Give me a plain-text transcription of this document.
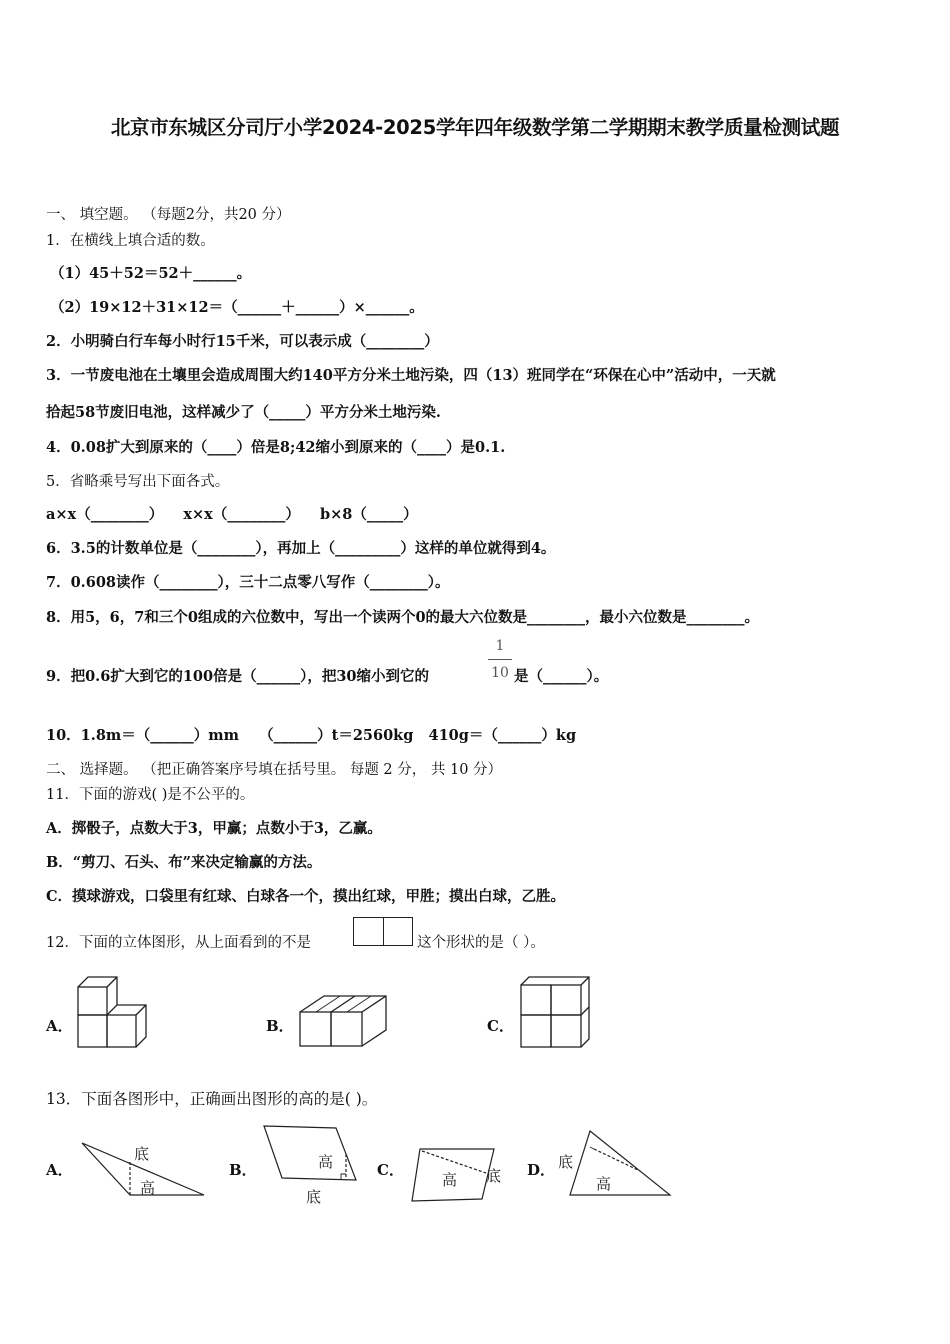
北京市东城区分司厅小学2024-2025学年四年级数学第二学期期末教学质量检测试题
一、 填空题。 （每题2分，共20 分）
1．在横线上填合适的数。
（1）45＋52＝52＋______。
（2）19×12＋31×12＝（______＋______）×______。
2．小明骑白行车每小时行15千米，可以表示成（________）
3．一节废电池在土壤里会造成周围大约140平方分米土地污染，四（13）班同学在“环保在心中”活动中，一天就
拾起58节废旧电池，这样减少了（_____）平方分米土地污染.
4．0.08扩大到原来的（____）倍是8;42缩小到原来的（____）是0.1.
5．省略乘号写出下面各式。
a×x（________）    x×x（________）    b×8（_____）
6．3.5的计数单位是（________），再加上（_________）这样的单位就得到4。
7．0.608读作（________），三十二点零八写作（________）。
8．用5，6，7和三个0组成的六位数中，写出一个读两个0的最大六位数是________，最小六位数是________。
9．把0.6扩大到它的100倍是（______），把30缩小到它的
1
10 是（______）。
10．1.8m＝（______）mm    （______）t＝2560kg   410g＝（______）kg
二、 选择题。 （把正确答案序号填在括号里。 每题 2 分， 共 10 分）
11．下面的游戏( )是不公平的。
A．掷骰子，点数大于3，甲赢；点数小于3，乙赢。
B．“剪刀、石头、布”来决定输赢的方法。
C．摸球游戏，口袋里有红球、白球各一个，摸出红球，甲胜；摸出白球，乙胜。
12．下面的立体图形，从上面看到的不是	这个形状的是（ ）。
A．	B．	C．
13．下面各图形中，正确画出图形的高的是( )。
A．	B．	C．	D．
底
高
高
底
高 底
底
高
